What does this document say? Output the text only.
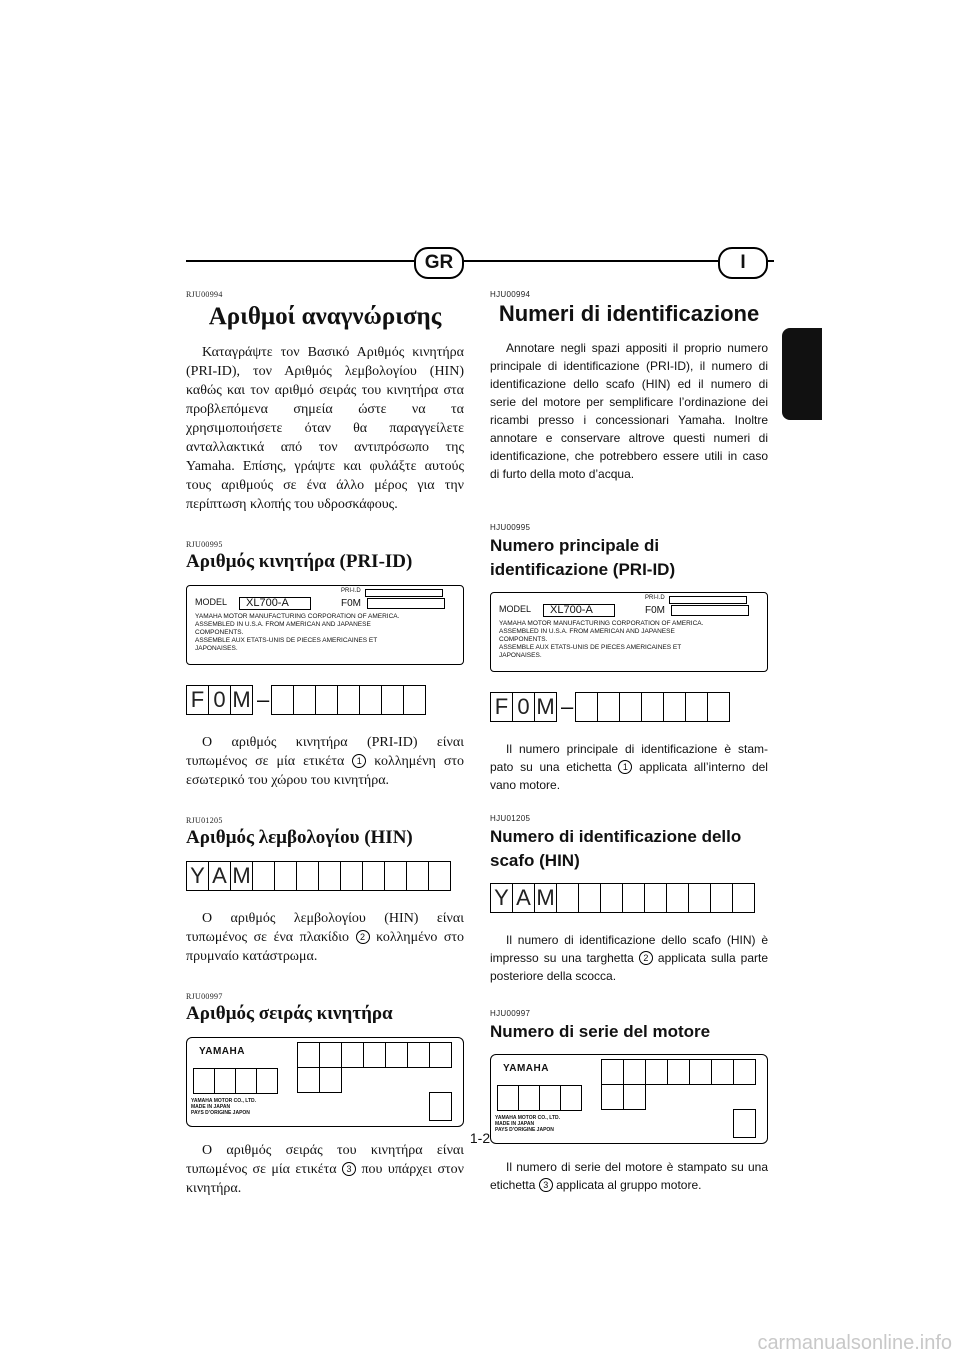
GR	I

RJU00994

Αριθμοί αναγνώρισης

Καταγράψτε τον Βασικό Αριθμός κινητήρα (PRI-ID), τον Αριθμός λεμβολογίου (HIN) καθώς και τον αριθμό σειράς του κινητήρα στα προβλεπόμενα σημεία ώστε να τα χρησιμοποιήσετε όταν θα παραγγείλετε ανταλλακτικά από τον αντιπρόσωπο της Yamaha. Επίσης, γράψτε και φυλάξτε αυτούς τους αριθμούς σε ένα άλλο μέρος για την περίπτωση κλοπής του υδροσκάφους.

RJU00995

Αριθμός κινητήρα (PRI-ID)
PRI-I.D
MODEL	XL700-A	F0M
YAMAHA MOTOR MANUFACTURING CORPORATION OF AMERICA.
ASSEMBLED IN U.S.A. FROM AMERICAN AND JAPANESE
COMPONENTS.
ASSEMBLE AUX ETATS-UNIS DE PIECES AMERICAINES ET
JAPONAISES.
F 0 M –

Ο αριθμός κινητήρα (PRI-ID) είναι τυπωμένος σε μία ετικέτα 1 κολλημένη στο εσωτερικό του χώρου του κινητήρα.

RJU01205

Αριθμός λεμβολογίου (HIN)
Y A M

Ο αριθμός λεμβολογίου (HIN) είναι τυπωμένος σε ένα πλακίδιο 2 κολλημένο στο πρυμναίο κατάστρωμα.

RJU00997

Αριθμός σειράς κινητήρα
YAMAHA
YAMAHA MOTOR CO., LTD.
MADE IN JAPAN
PAYS D’ORIGINE JAPON

Ο αριθμός σειράς του κινητήρα είναι τυπωμένος σε μία ετικέτα 3 που υπάρχει στον κινητήρα.

HJU00994

Numeri di identificazione

Annotare negli spazi appositi il proprio numero principale di identificazione (PRI-ID), il numero di identificazione dello scafo (HIN) ed il numero di serie del motore per semplificare l’ordinazione dei ricambi presso i concessionari Yamaha. Inoltre annotare e conservare altrove questi numeri di identificazione, che potrebbero essere utili in caso di furto della moto d’acqua.

HJU00995

Numero principale di identificazione (PRI-ID)
PRI-I.D
MODEL	XL700-A	F0M
YAMAHA MOTOR MANUFACTURING CORPORATION OF AMERICA.
ASSEMBLED IN U.S.A. FROM AMERICAN AND JAPANESE
COMPONENTS.
ASSEMBLE AUX ETATS-UNIS DE PIECES AMERICAINES ET
JAPONAISES.
F 0 M –

Il numero principale di identificazione è stam-pato su una etichetta 1 applicata all’interno del vano motore.

HJU01205

Numero di identificazione dello scafo (HIN)
Y A M

Il numero di identificazione dello scafo (HIN) è impresso su una targhetta 2 applicata sulla parte posteriore della scocca.

HJU00997

Numero di serie del motore
YAMAHA
YAMAHA MOTOR CO., LTD.
MADE IN JAPAN
PAYS D’ORIGINE JAPON

Il numero di serie del motore è stampato su una etichetta 3 applicata al gruppo motore.

1-2
carmanualsonline.info
